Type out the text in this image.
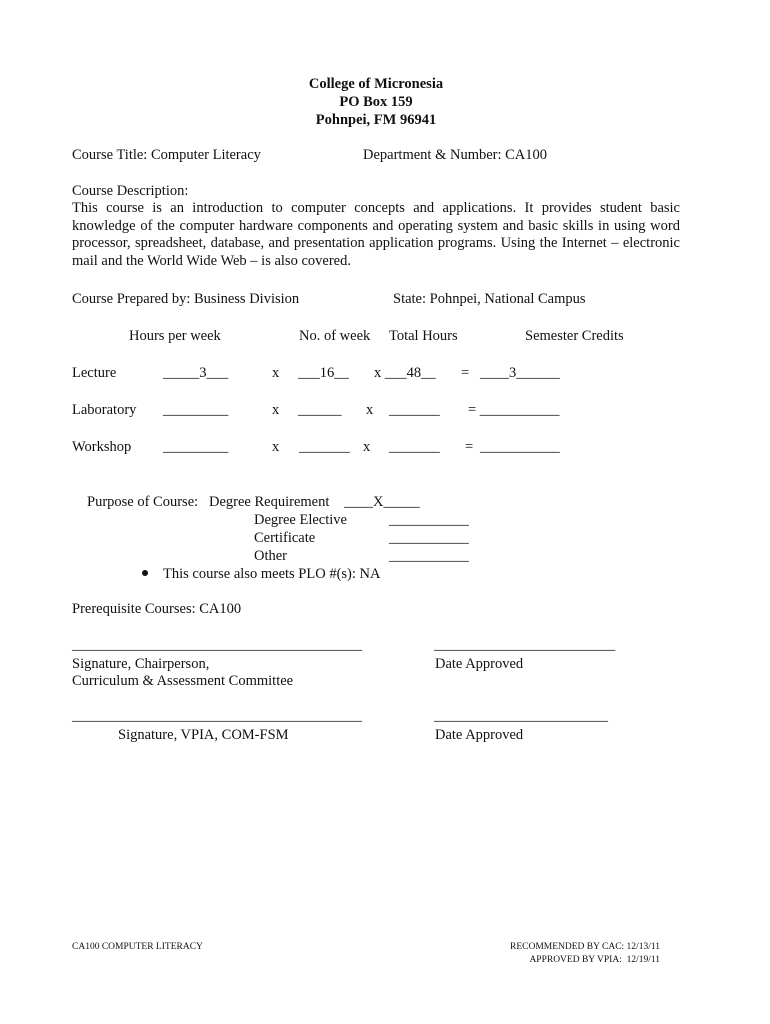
College of Micronesia
PO Box 159
Pohnpei, FM 96941
Course Title: Computer Literacy	Department & Number: CA100
Course Description:
This course is an introduction to computer concepts and applications. It provides student basic knowledge of the computer hardware components and operating system and basic skills in using word processor, spreadsheet, database, and presentation application programs. Using the Internet – electronic mail and the World Wide Web – is also covered.
Course Prepared by: Business Division	State: Pohnpei, National Campus
Hours per week	No. of week Total Hours	Semester Credits
Lecture	_____3___	x ___16__ x ___48__ = ____3______
Laboratory _________	x ______ x _______ = ___________
Workshop _________	x _______ x _______ = ___________
Purpose of Course: Degree Requirement ____X_____
Degree Elective	___________
Certificate	___________
Other	___________
This course also meets PLO #(s): NA
Prerequisite Courses: CA100
________________________________________	_________________________
Signature, Chairperson,
Curriculum & Assessment Committee
Date Approved
________________________________________	________________________
Signature, VPIA, COM-FSM	Date Approved
CA100 COMPUTER LITERACY	RECOMMENDED BY CAC: 12/13/11
APPROVED BY VPIA:  12/19/11
